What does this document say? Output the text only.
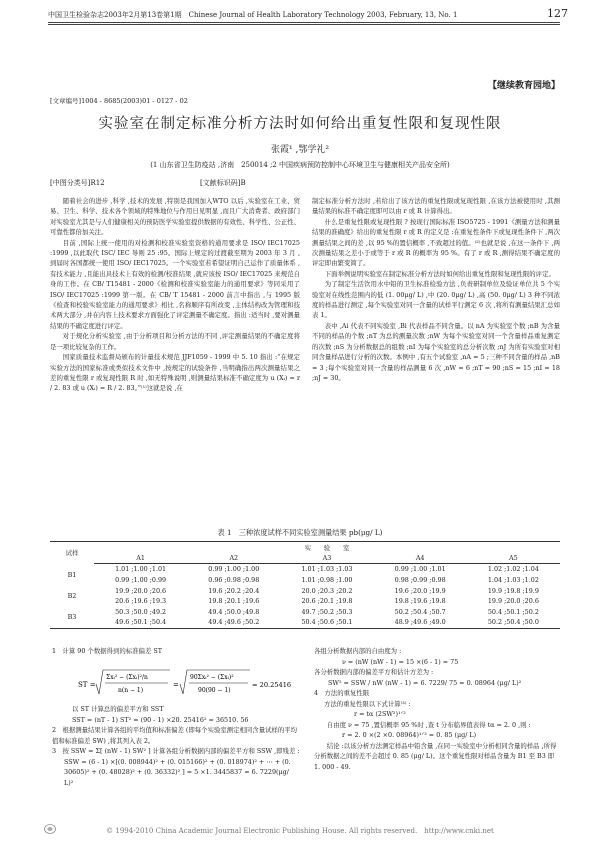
中国卫生检验杂志2003年2月第13卷第1期　Chinese Journal of Health Laboratory Technology 2003, February, 13, No. 1	127
【继续教育园地】
[文章编号]1004 - 8685(2003)01 - 0127 - 02
实验室在制定标准分析方法时如何给出重复性限和复现性限
张霞¹ ,鄂学礼²
(1 山东省卫生防疫站 ,济南　250014 ;2 中国疾病预防控制中心环境卫生与健康相关产品安全所)
[中图分类号]R12	[文献标识码]B

随着社会的进步 ,科学 ,技术的发展 ,特别是我国加入WTO 以后 ,实验室在工业、贸易、卫生、科学、技术各个领域的特殊地位与作用日见明显 ,而且广大消费者、政府部门对实验室尤其是与人们健康相关的预防医学实验室提供数据的有效性、科学性、公正性、可靠性都倍加关注。

目前 ,国际上统一使用的对检测和校准实验室资格的通用要求是 ISO/ IEC17025 :1999 ,以此取代 ISC/ IEC 导则 25 :95。国际上规定的过渡截至期为 2003 年 3 月 ,到届时各国都统一使用 ISO/ IEC17025。一个实验室若希望证明自己运作了质量体系 ,有技术能力 ,且能出具技术上有效的检测/校准结果 ,就应该按 ISO/ IEC17025 来规范自身的工作。在 CB/ T15481 - 2000《检测和校准实验室能力的通用要求》等同采用了 ISO/ IEC17025 :1999 第一版。在 CB/ T 15481 - 2000 前言中指出 ,与 1995 版《检查和校验实验室能力的通用要求》相比 ,名称顺序有所改变 ,主体结构改为管理和技术两大部分 ,并在内容上技术要求方面强化了评定测量不确定度。指出 :适当时 ,要对测量结果的不确定度进行评定。

对于规化分析实验室 ,由于分析项目和分析方法的不同 ,评定测量结果的不确定度将是一项比较复杂的工作。

国家质量技术监督局颁布的计量技术规范 JJF1059 - 1999 中 5. 10 指出 :“在规定实验方法的国家标准或类似技术文件中 ,按规定的试验条件 ,当明确指出两次测量结果之差的重复性限 r 或复现性限 R 时 ,如无特殊说明 ,则测量结果标准不确定度为 u (Xᵢ) = r / 2. 83 或 u (Xᵢ) = R / 2. 83。”⁽¹⁾这就是说 ,在

制定标准分析方法时 ,若给出了该方法的重复性限或复现性限 ,在该方法被使用时 ,其测量结果的标准不确定度即可以由 r 或 R 计算得出。

什么是重复性限或复现性限 ? 按现行国际标准 ISO5725 - 1991《测量方法和测量结果的准确度》给出的重复性限 r 或 R 的定义是 :在重复性条件下或复现性条件下 ,两次测量结果之间的差 ,以 95 %的置信概率 ,不致超过的值。⁽²⁾也就是说 ,在这一条件下 ,两次测量结果之差小于或等于 r 或 R 的概率为 95 %。有了 r 或 R ,测得结果不确定度的评定即由繁变简了。

下面举例说明实验室在制定标准分析方法时如何给出重复性限和复现性限的评定。

为了制定生活饮用水中铅的卫生标准检验方法 ,负责研制单位及验证单位共 5 个实验室对在线性范围内的低 (1. 00μg/ L) ,中 (20. 0μg/ L) ,高 (50. 0μg/ L) 3 种不同浓度的样品进行测定 ,每个实验室对同一含量的试样平行测定 6 次 ,将所有测量结果汇总如表 1。

表中 ,Ai 代表不同实验室 ,Bi 代表样品不同含量。以 nA 为实验室个数 ;nB 为含量不同的样品的个数 ;nT 为总的测量次数 ;nW 为每个实验室对同一个含量样品重复测定的次数 ;nS 为分析数据总的组数 ;nI 为每个实验室的总分析次数 ;nJ 为所有实验室对相同含量样品进行分析的次数。本例中 ,有五个试验室 ,nA = 5 ;三种不同含量的样品 ,nB = 3 ;每个实验室对同一含量的样品测量 6 次 ,nW = 6 ;nT = 90 ;nS = 15 ;nI = 18 ;nJ = 30。

表 1　三种浓度试样不同实验室测量结果 pb(μg/ L)
试样	实　　验　　室				
	A1	A2	A3	A4	A5
B1	1.01 ;1.00 ;1.01	0.99 ;1.00 ;1.00	1.01 ;1.03 ;1.03	0.99 ;1.00 ;1.01	1.02 ;1.02 ;1.04
	0.99 ;1.00 ;0.99	0.96 ;0.98 ;0.98	1.01 ;0.98 ;1.00	0.98 ;0.99 ;0.98	1.04 ;1.03 ;1.02
B2	19.9 ;20.0 ;20.6	19.6 ;20.2 ;20.4	20.0 ;20.3 ;20.2	19.6 ;20.0 ;19.9	19.9 ;19.8 ;19.9
	20.6 ;19.6 ;19.3	19.8 ;20.1 ;19.6	20.6 ;20.1 ;19.8	19.8 ;19.6 ;19.8	19.9 ;20.0 ;20.6
B3	50.3 ;50.0 ;49.2	49.4 ;50.0 ;49.8	49.7 ;50.2 ;50.3	50.2 ;50.4 ;50.7	50.4 ;50.1 ;50.2
	49.6 ;50.1 ;50.4	49.4 ;49.6 ;50.2	50.4 ;50.6 ;50.1	48.9 ;49.6 ;49.0	50.2 ;50.4 ;50.0
1　计算 90 个数据得到的标准偏差 ST
ST =
Σxᵢ² − (Σxᵢ)²/n
n(n − 1)
=
90Σxᵢ² − (Σxᵢ)²
90(90 − 1)
= 20.25416
以 ST 计算总的偏差平方和 SST
SST = (nT - 1) ST² = (90 - 1) ×20. 25416² = 36510. 56
2　根据测量结果计算各组的平均值和标准偏差 (即每个实验室测定相同含量试样的平均值和标准偏差 SW) ,将其列入表 2。
3　按 SSW = Σ[ (nW - 1) SW² ] 计算各组分析数据内部的偏差平方和 SSW ,即残差 :
SSW = (6 - 1) ×[(0. 008944)² + (0. 015166)² + (0. 018974)² + ⋯ + (0. 30605)² + (0. 48028)² + (0. 36332)² ] = 5 ×1. 3445837 = 6. 7229(μg/ L)²
各组分析数据内部的自由度为 :
ν = (nW (nW - 1) = 15 ×(6 - 1) = 75
各分析数据内部的偏差平方和估计方差为 :
SW² = SSW / nW (nW - 1) = 6. 7229/ 75 = 0. 08964 (μg/ L)²
4　方法的重复性限
方法的重复性限以下式计算⁽³⁾ :
r = tα (2SW²)¹ᐟ²
自由度 ν = 75 ,置信概率 95 %时 ,查 t 分布临界值表得 tα = 2. 0 ,则 :
r = 2. 0 ×(2 ×0. 08964)¹ᐟ² = 0. 85 (μg/ L)
结论 :以该分析方法测定样品中铅含量 ,在同一实验室中分析相同含量的样品 ,所得分析数据之间的差不会超过 0. 85 (μg/ L)。这个重复性限对样品含量为 B1 至 B3 即 1. 000 - 49.
© 1994-2010 China Academic Journal Electronic Publishing House. All rights reserved.　http://www.cnki.net
